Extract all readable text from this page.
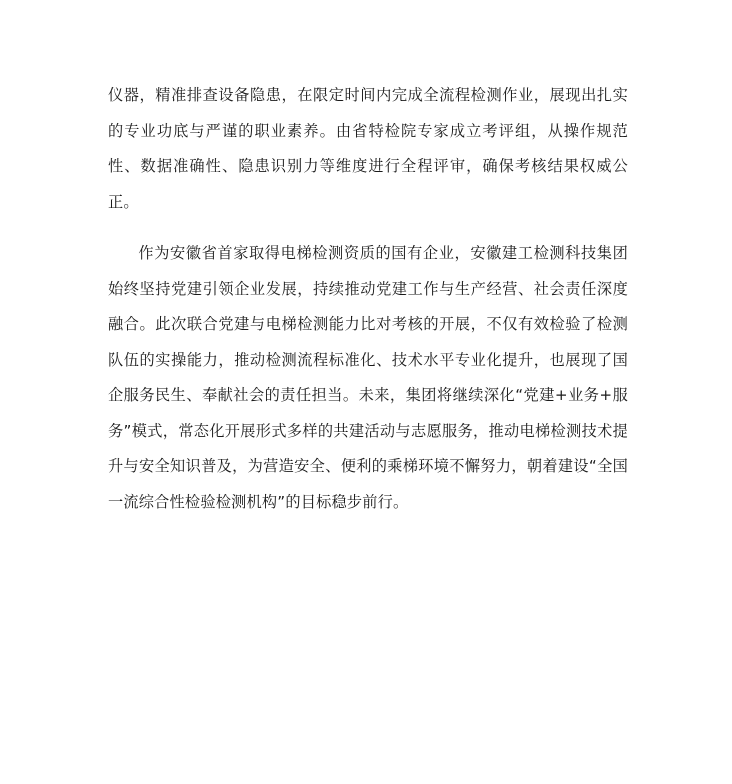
仪器，精准排查设备隐患，在限定时间内完成全流程检测作业，展现出扎实的专业功底与严谨的职业素养。由省特检院专家成立考评组，从操作规范性、数据准确性、隐患识别力等维度进行全程评审，确保考核结果权威公正。

作为安徽省首家取得电梯检测资质的国有企业，安徽建工检测科技集团始终坚持党建引领企业发展，持续推动党建工作与生产经营、社会责任深度融合。此次联合党建与电梯检测能力比对考核的开展，不仅有效检验了检测队伍的实操能力，推动检测流程标准化、技术水平专业化提升，也展现了国企服务民生、奉献社会的责任担当。未来，集团将继续深化“党建+业务+服务”模式，常态化开展形式多样的共建活动与志愿服务，推动电梯检测技术提升与安全知识普及，为营造安全、便利的乘梯环境不懈努力，朝着建设“全国一流综合性检验检测机构”的目标稳步前行。
